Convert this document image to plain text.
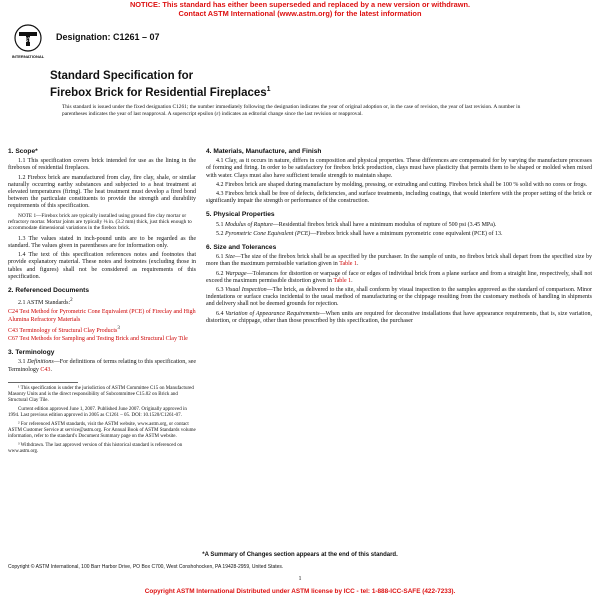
NOTICE: This standard has either been superseded and replaced by a new version or withdrawn.
Contact ASTM International (www.astm.org) for the latest information
ASTM
INTERNATIONAL
Designation: C1261 – 07
Standard Specification for
Firebox Brick for Residential Fireplaces$^1$
This standard is issued under the fixed designation C1261; the number immediately following the designation indicates the year of original adoption or, in the case of revision, the year of last revision. A number in parentheses indicates the year of last reapproval. A superscript epsilon (ε) indicates an editorial change since the last revision or reapproval.
1. Scope*

1.1 This specification covers brick intended for use as the lining in the fireboxes of residential fireplaces.

1.2 Firebox brick are manufactured from clay, fire clay, shale, or similar naturally occurring earthy substances and subjected to a heat treatment at elevated temperatures (firing). The heat treatment must develop a fired bond between the particulate constituents to provide the strength and durability requirements of this specification.

NOTE 1—Firebox brick are typically installed using ground fire clay mortar or refractory mortar. Mortar joints are typically ⅛ in. (3.2 mm) thick, just thick enough to accommodate dimensional variations in the firebox brick.

1.3 The values stated in inch-pound units are to be regarded as the standard. The values given in parentheses are for information only.

1.4 The text of this specification references notes and footnotes that provide explanatory material. These notes and footnotes (excluding those in tables and figures) shall not be considered as requirements of this specification.

2. Referenced Documents

2.1 ASTM Standards:$^2$

C24 Test Method for Pyrometric Cone Equivalent (PCE) of Fireclay and High Alumina Refractory Materials
C43 Terminology of Structural Clay Products$^3$
C67 Test Methods for Sampling and Testing Brick and Structural Clay Tile
3. Terminology

3.1 Definitions—For definitions of terms relating to this specification, see Terminology C43.

¹ This specification is under the jurisdiction of ASTM Committee C15 on Manufactured Masonry Units and is the direct responsibility of Subcommittee C15.02 on Brick and Structural Clay Tile.

Current edition approved June 1, 2007. Published June 2007. Originally approved in 1994. Last previous edition approved in 2005 as C1261 – 05. DOI: 10.1520/C1261-07.

² For referenced ASTM standards, visit the ASTM website, www.astm.org, or contact ASTM Customer Service at service@astm.org. For Annual Book of ASTM Standards volume information, refer to the standard's Document Summary page on the ASTM website.

³ Withdrawn. The last approved version of this historical standard is referenced on www.astm.org.

4. Materials, Manufacture, and Finish

4.1 Clay, as it occurs in nature, differs in composition and physical properties. These differences are compensated for by varying the manufacture processes of forming and firing. In order to be satisfactory for firebox brick production, clays must have plasticity that permits them to be shaped or molded when mixed with water. Clays must also have sufficient tensile strength to maintain shape.

4.2 Firebox brick are shaped during manufacture by molding, pressing, or extruding and cutting. Firebox brick shall be 100 % solid with no cores or frogs.

4.3 Firebox brick shall be free of defects, deficiencies, and surface treatments, including coatings, that would interfere with the proper setting of the brick or significantly impair the strength or performance of the construction.

5. Physical Properties

5.1 Modulus of Rupture—Residential firebox brick shall have a minimum modulus of rupture of 500 psi (3.45 MPa).

5.2 Pyrometric Cone Equivalent (PCE)—Firebox brick shall have a minimum pyrometric cone equivalent (PCE) of 13.

6. Size and Tolerances

6.1 Size—The size of the firebox brick shall be as specified by the purchaser. In the sample of units, no firebox brick shall depart from the specified size by more than the maximum permissible variation given in Table 1.

6.2 Warpage—Tolerances for distortion or warpage of face or edges of individual brick from a plane surface and from a straight line, respectively, shall not exceed the maximum permissible distortion given in Table 1.

6.3 Visual Inspection—The brick, as delivered to the site, shall conform by visual inspection to the samples approved as the standard of comparison. Minor indentations or surface cracks incidental to the usual method of manufacturing or the chippage resulting from the customary methods of handling in shipments and delivery shall not be deemed grounds for rejection.

6.4 Variation of Appearance Requirements—When units are required for decorative installations that have appearance requirements, that is, size variation, distortion, or chippage, other than those prescribed by this specification, the purchaser

*A Summary of Changes section appears at the end of this standard.
Copyright © ASTM International, 100 Barr Harbor Drive, PO Box C700, West Conshohocken, PA 19428-2959, United States.
1
Copyright ASTM International Distributed under ASTM license by ICC - tel: 1-888-ICC-SAFE (422-7233).
